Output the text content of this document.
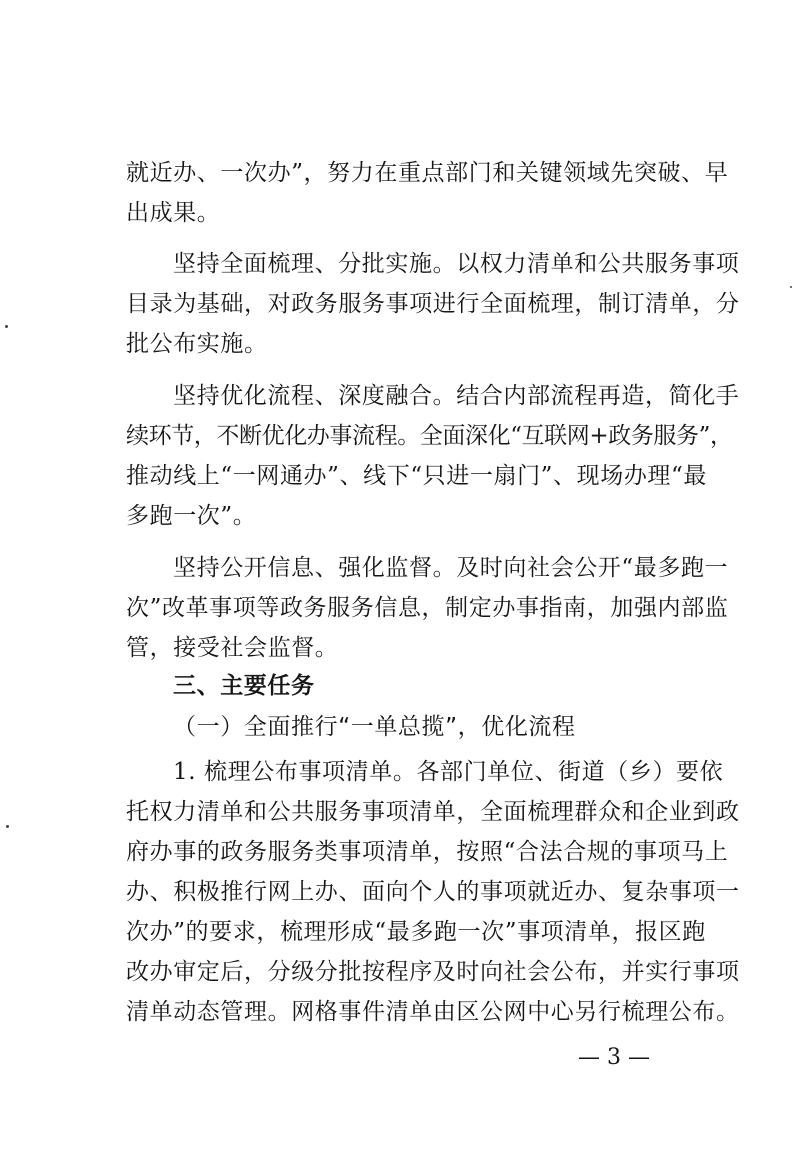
就近办、一次办”，努力在重点部门和关键领域先突破、早
出成果。
坚持全面梳理、分批实施。以权力清单和公共服务事项
目录为基础，对政务服务事项进行全面梳理，制订清单，分
批公布实施。
坚持优化流程、深度融合。结合内部流程再造，简化手
续环节，不断优化办事流程。全面深化“互联网+政务服务”，
推动线上“一网通办”、线下“只进一扇门”、现场办理“最
多跑一次”。
坚持公开信息、强化监督。及时向社会公开“最多跑一
次”改革事项等政务服务信息，制定办事指南，加强内部监
管，接受社会监督。
三、主要任务
（一）全面推行“一单总揽”，优化流程
1. 梳理公布事项清单。各部门单位、街道（乡）要依
托权力清单和公共服务事项清单，全面梳理群众和企业到政
府办事的政务服务类事项清单，按照“合法合规的事项马上
办、积极推行网上办、面向个人的事项就近办、复杂事项一
次办”的要求，梳理形成“最多跑一次”事项清单，报区跑
改办审定后，分级分批按程序及时向社会公布，并实行事项
清单动态管理。网格事件清单由区公网中心另行梳理公布。
— 3 —
